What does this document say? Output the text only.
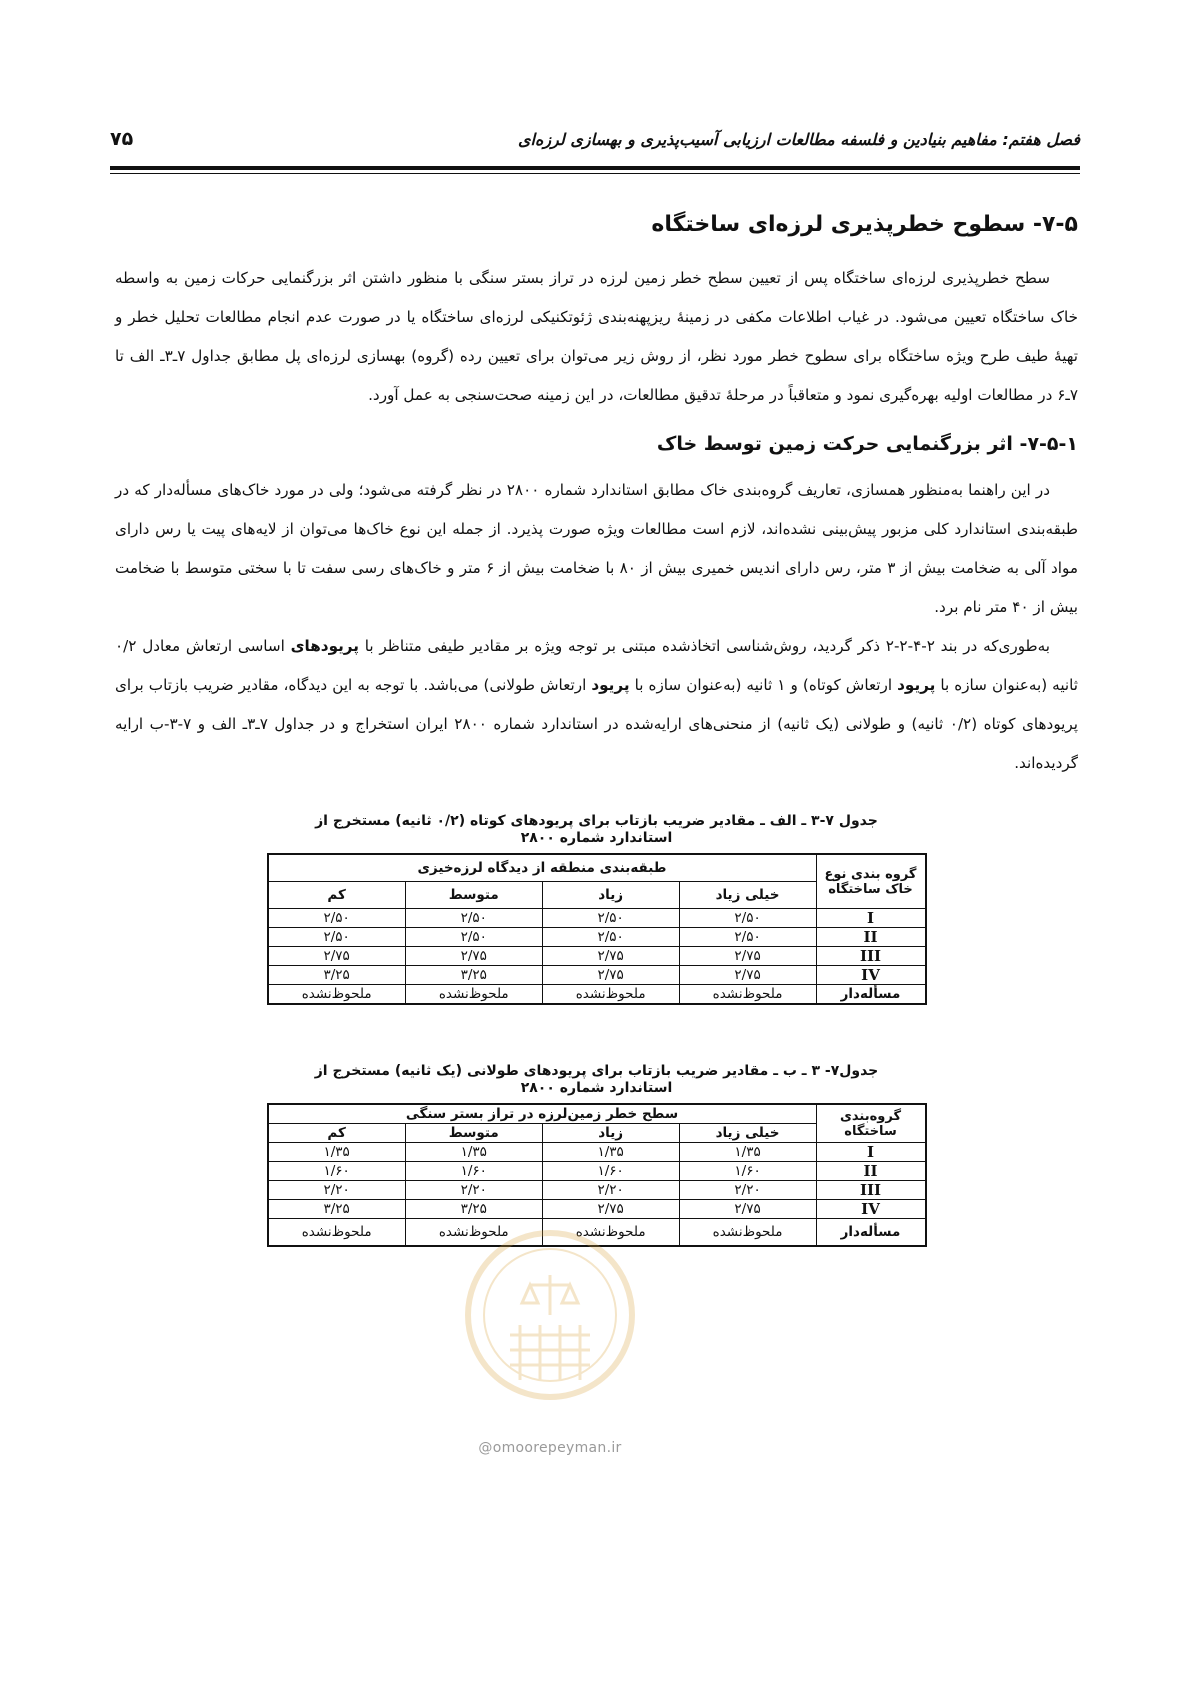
فصل هفتم: مفاهیم بنیادین و فلسفه مطالعات ارزیابی آسیب‌پذیری و بهسازی لرزه‌ای
۷۵
۷-۵- سطوح خطرپذیری لرزه‌ای ساختگاه

سطح خطرپذیری لرزه‌ای ساختگاه پس از تعیین سطح خطر زمین لرزه در تراز بستر سنگی با منظور داشتن اثر بزرگنمایی حرکات زمین به واسطه خاک ساختگاه تعیین می‌شود. در غیاب اطلاعات مکفی در زمینهٔ ریزپهنه‌بندی ژئوتکنیکی لرزه‌ای ساختگاه یا در صورت عدم انجام مطالعات تحلیل خطر و تهیهٔ طیف طرح ویژه ساختگاه برای سطوح خطر مورد نظر، از روش زیر می‌توان برای تعیین رده (گروه) بهسازی لرزه‌ای پل مطابق جداول ۷ـ۳ـ الف تا ۷ـ۶ در مطالعات اولیه بهره‌گیری نمود و متعاقباً در مرحلهٔ تدقیق مطالعات، در این زمینه صحت‌سنجی به عمل آورد.

۷-۵-۱- اثر بزرگنمایی حرکت زمین توسط خاک

در این راهنما به‌منظور همسازی، تعاریف گروه‌بندی خاک مطابق استاندارد شماره ۲۸۰۰ در نظر گرفته می‌شود؛ ولی در مورد خاک‌های مسأله‌دار که در طبقه‌بندی استاندارد کلی مزبور پیش‌بینی نشده‌اند، لازم است مطالعات ویژه صورت پذیرد. از جمله این نوع خاک‌ها می‌توان از لایه‌های پیت یا رس دارای مواد آلی به ضخامت بیش از ۳ متر، رس دارای اندیس خمیری بیش از ۸۰ با ضخامت بیش از ۶ متر و خاک‌های رسی سفت تا با سختی متوسط با ضخامت بیش از ۴۰ متر نام برد.

به‌طوری‌که در بند ۲-۴-۲-۲ ذکر گردید، روش‌شناسی اتخاذشده مبتنی بر توجه ویژه بر مقادیر طیفی متناظر با پریودهای اساسی ارتعاش معادل ۰/۲ ثانیه (به‌عنوان سازه با پریود ارتعاش کوتاه) و ۱ ثانیه (به‌عنوان سازه با پریود ارتعاش طولانی) می‌باشد. با توجه به این دیدگاه، مقادیر ضریب بازتاب برای پریودهای کوتاه (۰/۲ ثانیه) و طولانی (یک ثانیه) از منحنی‌های ارایه‌شده در استاندارد شماره ۲۸۰۰ ایران استخراج و در جداول ۷ـ۳ـ الف و ۷-۳-ب ارایه گردیده‌اند.

جدول ۷-۳ ـ الف ـ مقادیر ضریب بازتاب برای پریودهای کوتاه (۰/۲ ثانیه) مستخرج از استاندارد شماره ۲۸۰۰
گروه بندی نوع خاک ساختگاه	طبقه‌بندی منطقه از دیدگاه لرزه‌خیزی			
	خیلی زیاد	زیاد	متوسط	کم
I	۲/۵۰	۲/۵۰	۲/۵۰	۲/۵۰
II	۲/۵۰	۲/۵۰	۲/۵۰	۲/۵۰
III	۲/۷۵	۲/۷۵	۲/۷۵	۲/۷۵
IV	۲/۷۵	۲/۷۵	۳/۲۵	۳/۲۵
مسأله‌دار	ملحوظ‌نشده	ملحوظ‌نشده	ملحوظ‌نشده	ملحوظ‌نشده
جدول۷- ۳ ـ ب ـ مقادیر ضریب بازتاب برای پریودهای طولانی (یک ثانیه) مستخرج از استاندارد شماره ۲۸۰۰
گروه‌بندی ساختگاه	سطح خطر زمین‌لرزه در تراز بستر سنگی			
	خیلی زیاد	زیاد	متوسط	کم
I	۱/۳۵	۱/۳۵	۱/۳۵	۱/۳۵
II	۱/۶۰	۱/۶۰	۱/۶۰	۱/۶۰
III	۲/۲۰	۲/۲۰	۲/۲۰	۲/۲۰
IV	۲/۷۵	۲/۷۵	۳/۲۵	۳/۲۵
مسأله‌دار	ملحوظ‌نشده	ملحوظ‌نشده	ملحوظ‌نشده	ملحوظ‌نشده
@omoorepeyman.ir
